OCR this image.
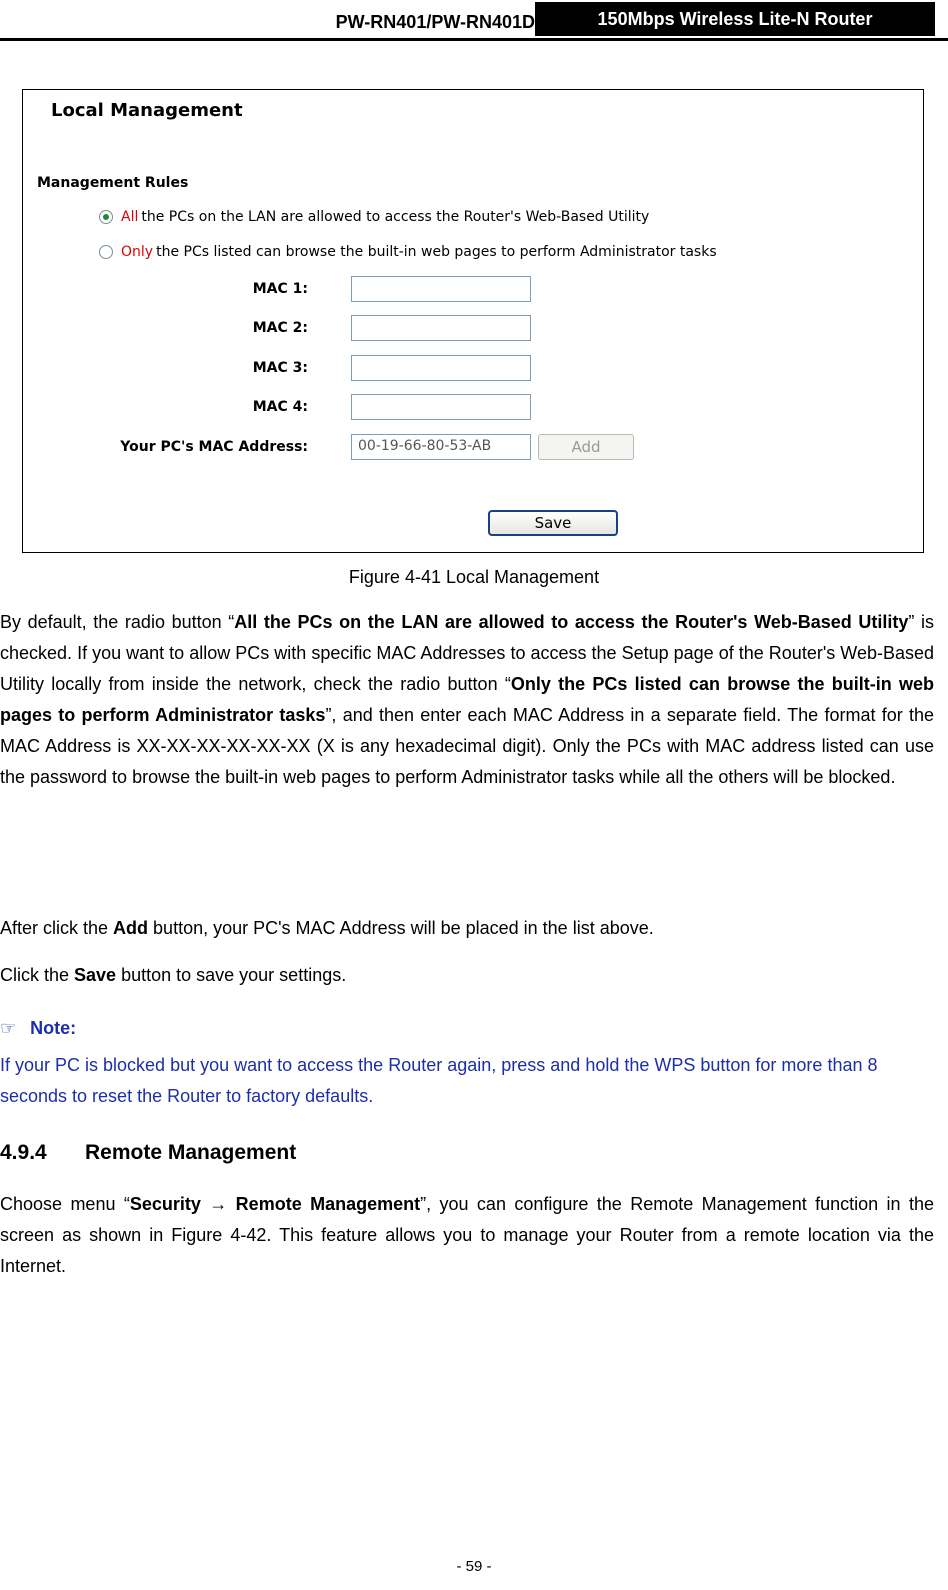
PW-RN401/PW-RN401D	150Mbps Wireless Lite-N Router
Local Management
Management Rules
All the PCs on the LAN are allowed to access the Router's Web-Based Utility
Only the PCs listed can browse the built-in web pages to perform Administrator tasks
MAC 1:
MAC 2:
MAC 3:
MAC 4:
Your PC's MAC Address:	00-19-66-80-53-AB	Add
Save
Figure 4-41 Local Management

By default, the radio button “All the PCs on the LAN are allowed to access the Router's Web-Based Utility” is checked. If you want to allow PCs with specific MAC Addresses to access the Setup page of the Router's Web-Based Utility locally from inside the network, check the radio button “Only the PCs listed can browse the built-in web pages to perform Administrator tasks”, and then enter each MAC Address in a separate field. The format for the MAC Address is XX-XX-XX-XX-XX-XX (X is any hexadecimal digit). Only the PCs with MAC address listed can use the password to browse the built-in web pages to perform Administrator tasks while all the others will be blocked.

After click the Add button, your PC's MAC Address will be placed in the list above.

Click the Save button to save your settings.

☞ Note:

If your PC is blocked but you want to access the Router again, press and hold the WPS button for more than 8 seconds to reset the Router to factory defaults.

4.9.4 Remote Management

Choose menu “Security → Remote Management”, you can configure the Remote Management function in the screen as shown in Figure 4-42. This feature allows you to manage your Router from a remote location via the Internet.

- 59 -
